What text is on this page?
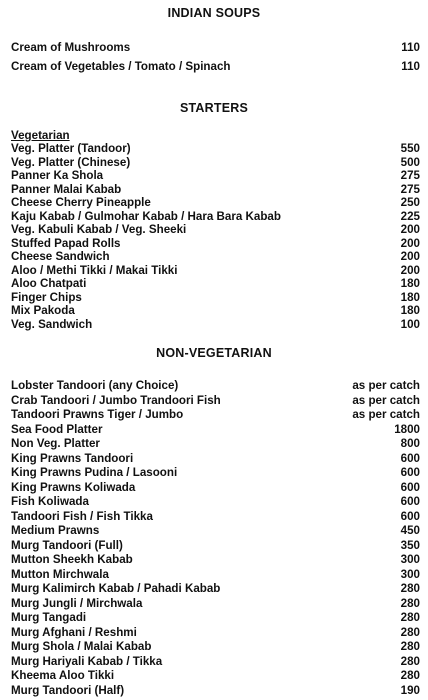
INDIAN SOUPS
Cream of Mushrooms	110
Cream of Vegetables / Tomato / Spinach	110
STARTERS
Vegetarian
Veg. Platter (Tandoor)	550
Veg. Platter (Chinese)	500
Panner Ka Shola	275
Panner Malai Kabab	275
Cheese Cherry Pineapple	250
Kaju Kabab / Gulmohar Kabab / Hara Bara Kabab	225
Veg. Kabuli Kabab / Veg. Sheeki	200
Stuffed Papad Rolls	200
Cheese Sandwich	200
Aloo / Methi Tikki / Makai Tikki	200
Aloo Chatpati	180
Finger Chips	180
Mix Pakoda	180
Veg. Sandwich	100
NON-VEGETARIAN
Lobster Tandoori (any Choice)	as per catch
Crab Tandoori / Jumbo Trandoori Fish	as per catch
Tandoori Prawns Tiger / Jumbo	as per catch
Sea Food Platter	1800
Non Veg. Platter	800
King Prawns Tandoori	600
King Prawns Pudina / Lasooni	600
King Prawns Koliwada	600
Fish Koliwada	600
Tandoori Fish / Fish Tikka	600
Medium Prawns	450
Murg Tandoori (Full)	350
Mutton Sheekh Kabab	300
Mutton Mirchwala	300
Murg Kalimirch Kabab / Pahadi Kabab	280
Murg Jungli / Mirchwala	280
Murg Tangadi	280
Murg Afghani / Reshmi	280
Murg Shola / Malai Kabab	280
Murg Hariyali Kabab / Tikka	280
Kheema Aloo Tikki	280
Murg Tandoori (Half)	190
